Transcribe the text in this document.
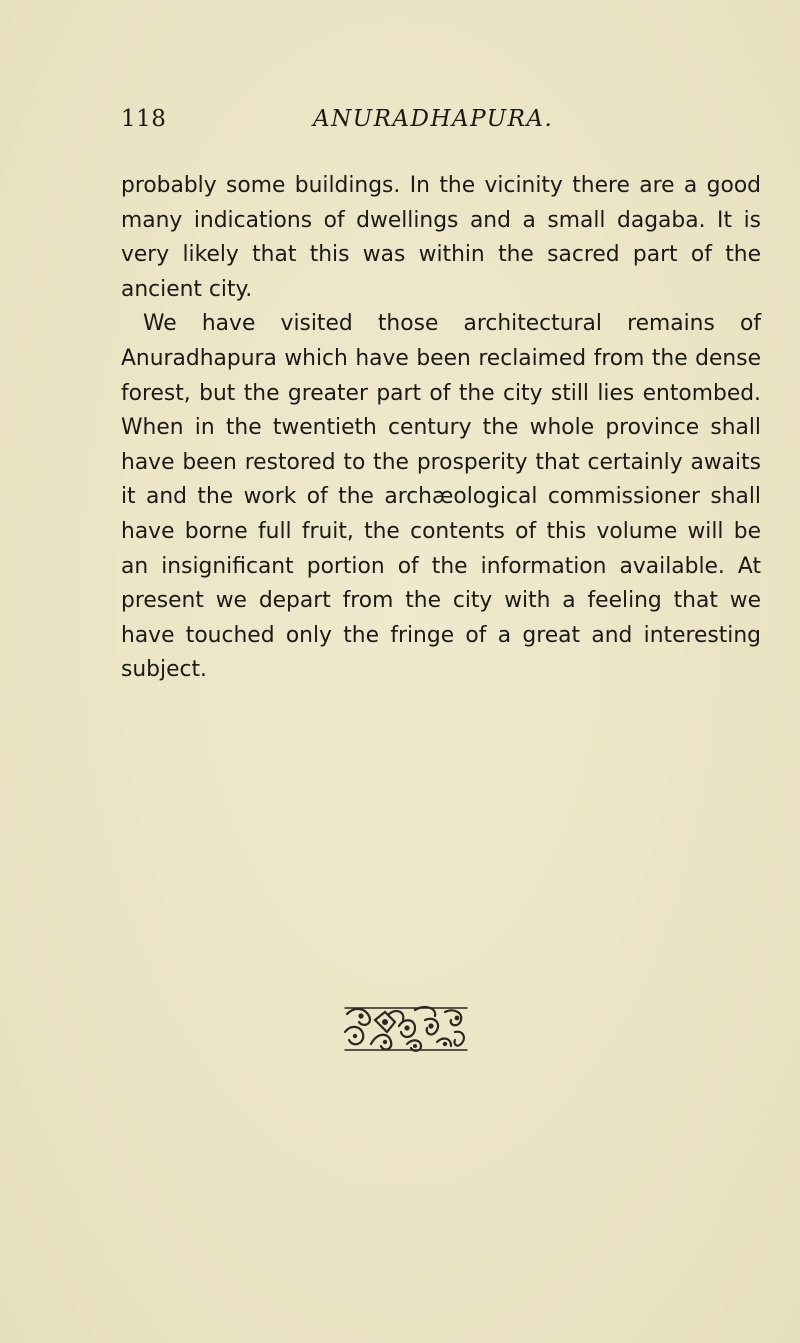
118	ANURADHAPURA.

probably some buildings. In the vicinity there are a good many indications of dwellings and a small dagaba. It is very likely that this was within the sacred part of the ancient city.

We have visited those architectural remains of Anuradhapura which have been reclaimed from the dense forest, but the greater part of the city still lies entombed. When in the twentieth century the whole province shall have been restored to the prosperity that certainly awaits it and the work of the archæological commissioner shall have borne full fruit, the contents of this volume will be an insignificant portion of the information available. At present we depart from the city with a feeling that we have touched only the fringe of a great and interesting subject.
